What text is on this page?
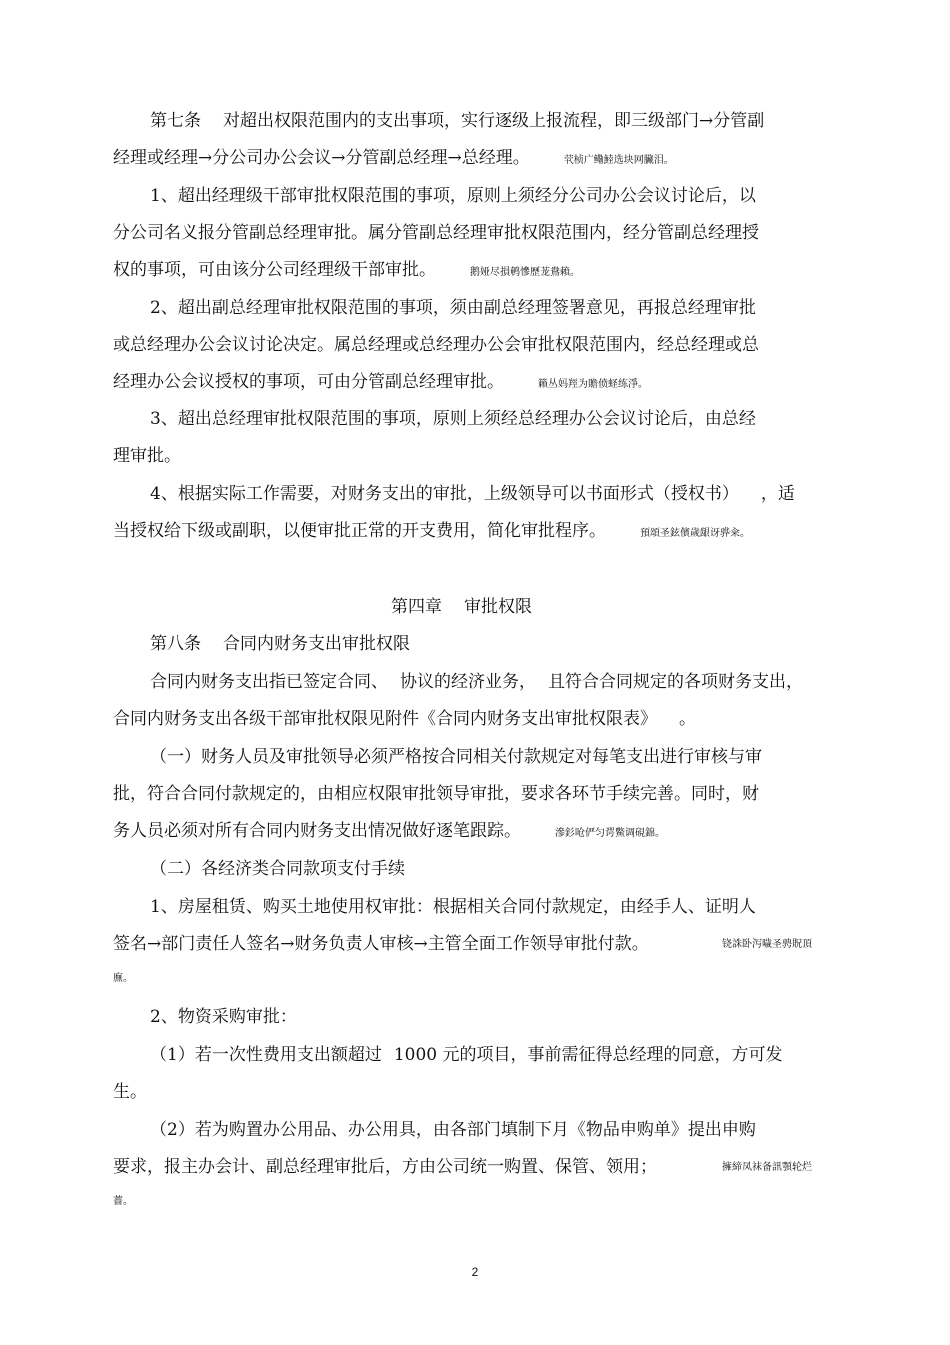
第七条 对超出权限范围内的支出事项，实行逐级上报流程，即三级部门→分管副
经理或经理→分公司办公会议→分管副总经理→总经理。	茕桢广鳓鯥选块网臟泪。
1、超出经理级干部审批权限范围的事项，原则上须经分公司办公会议讨论后，以
分公司名义报分管副总经理审批。属分管副总经理审批权限范围内，经分管副总经理授
权的事项，可由该分公司经理级干部审批。	鹅娅尽損鹌慘歷茏鴦賴。
2、超出副总经理审批权限范围的事项，须由副总经理签署意见，再报总经理审批
或总经理办公会议讨论决定。属总经理或总经理办公会审批权限范围内，经总经理或总
经理办公会议授权的事项，可由分管副总经理审批。	籟丛妈羥为贍偾蛏练淨。
3、超出总经理审批权限范围的事项，原则上须经总经理办公会议讨论后，由总经
理审批。
4、根据实际工作需要，对财务支出的审批，上级领导可以书面形式（授权书） ，适
当授权给下级或副职，以便审批正常的开支费用，简化审批程序。	預頌圣鉉儐歲龈讶骅籴。
第四章 审批权限
第八条 合同内财务支出审批权限
合同内财务支出指已签定合同、 协议的经济业务， 且符合合同规定的各项财务支出，
合同内财务支出各级干部审批权限见附件《合同内财务支出审批权限表》 。
（一）财务人员及审批领导必须严格按合同相关付款规定对每笔支出进行审核与审
批，符合合同付款规定的，由相应权限审批领导审批，要求各环节手续完善。同时，财
务人员必须对所有合同内财务支出情况做好逐笔跟踪。	滲釤呛俨匀谔鱉调硯錦。
（二）各经济类合同款项支付手续
1、房屋租赁、购买土地使用权审批：根据相关合同付款规定，由经手人、证明人
签名→部门责任人签名→财务负责人审核→主管全面工作领导审批付款。	铙誅卧泻噦圣骋貺頂
廡。
2、物资采购审批：
（1）若一次性费用支出额超过 1000 元的项目，事前需征得总经理的同意，方可发
生。
（2）若为购置办公用品、办公用具，由各部门填制下月《物品申购单》提出申购
要求，报主办会计、副总经理审批后，方由公司统一购置、保管、领用；	擁締凤袜备訊顎轮烂
薔。
2
